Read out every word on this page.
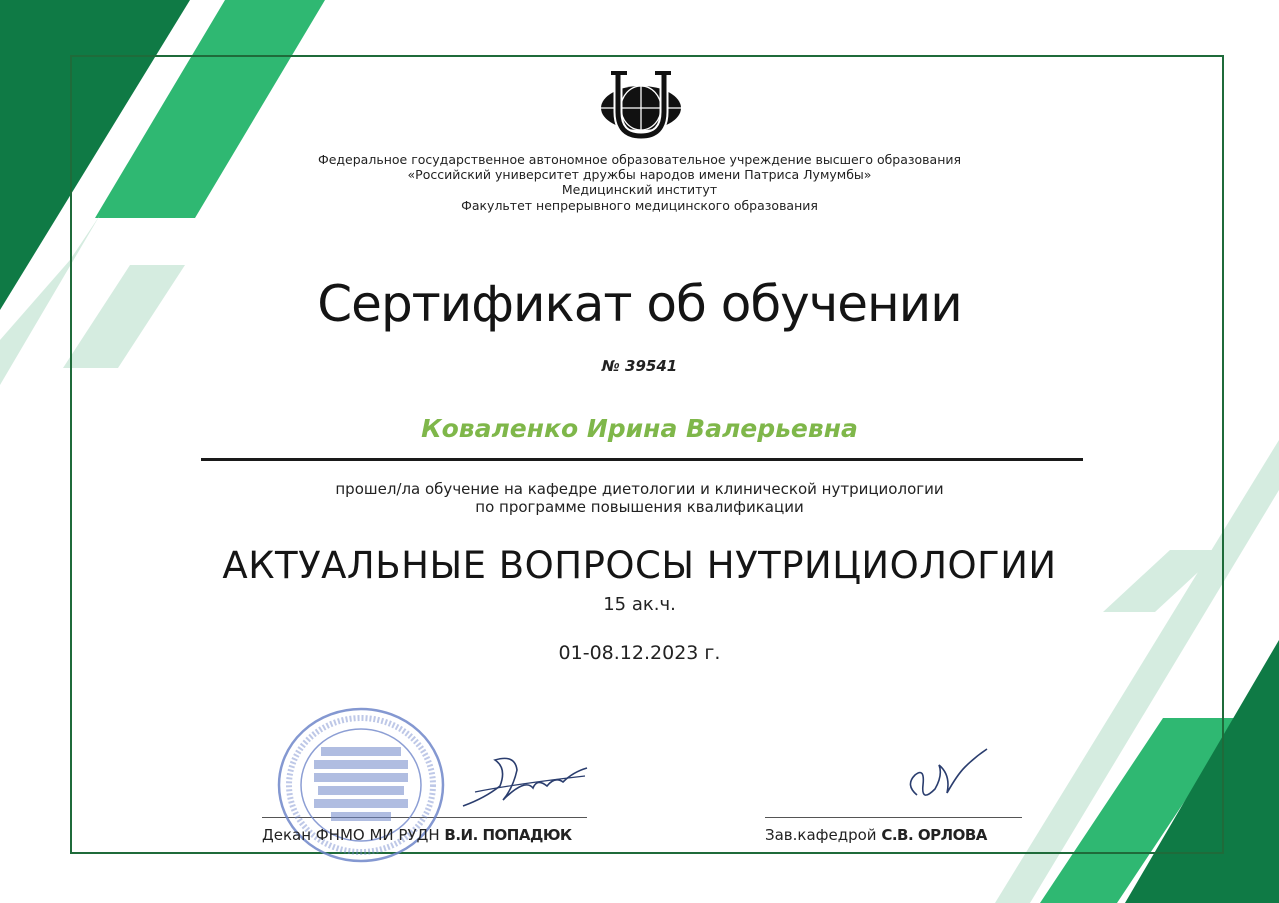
Федеральное государственное автономное образовательное учреждение высшего образования
«Российский университет дружбы народов имени Патриса Лумумбы»
Медицинский институт
Факультет непрерывного медицинского образования
Сертификат об обучении
№ 39541
Коваленко Ирина Валерьевна
прошел/ла обучение на кафедре диетологии и клинической нутрициологии
по программе повышения квалификации
АКТУАЛЬНЫЕ ВОПРОСЫ НУТРИЦИОЛОГИИ
15 ак.ч.
01-08.12.2023 г.
Декан ФНМО МИ РУДН В.И. ПОПАДЮК	Зав.кафедрой С.В. ОРЛОВА
